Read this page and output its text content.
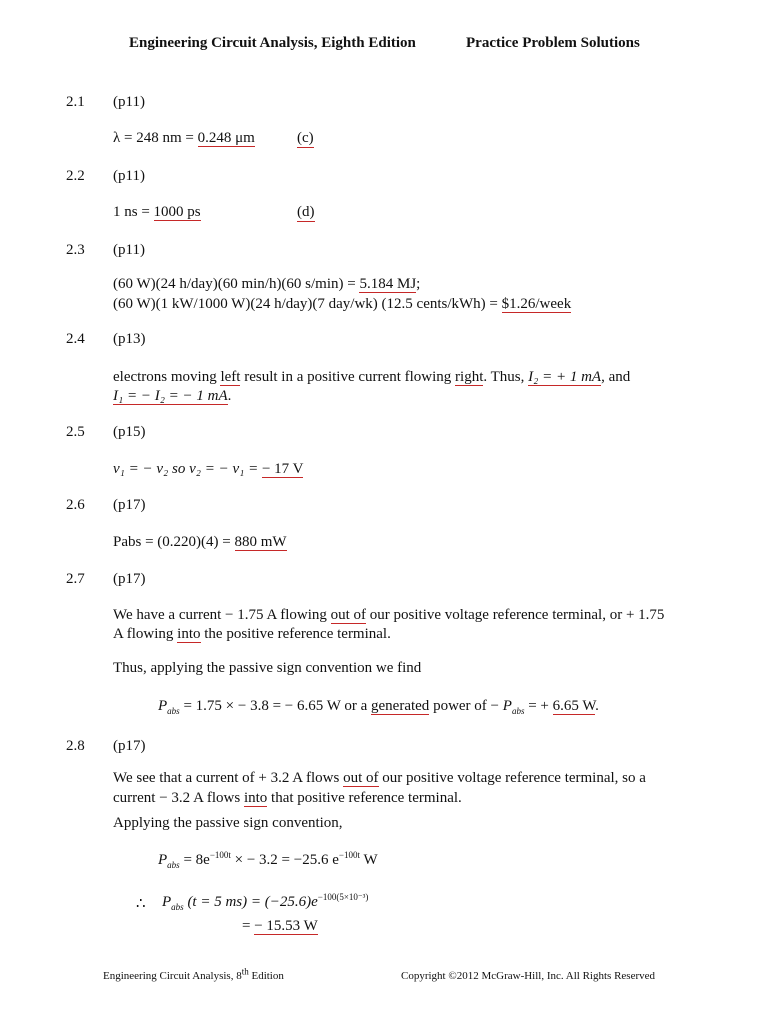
Engineering Circuit Analysis, Eighth Edition	Practice Problem Solutions
2.1 (p11)
2.2 (p11)
2.3 (p11)
2.4 (p13)
2.5 (p15)
2.6 (p17)
2.7 (p17)
2.8 (p17)
λ = 248 nm = 0.248 μm	(c)
1 ns = 1000 ps	(d)
(60 W)(24 h/day)(60 min/h)(60 s/min) = 5.184 MJ;
(60 W)(1 kW/1000 W)(24 h/day)(7 day/wk) (12.5 cents/kWh) = $1.26/week
electrons moving left result in a positive current flowing right. Thus, I₂ = + 1 mA, and
I₁ = − I₂ = − 1 mA.
v₁ = − v₂ so v₂ = − v₁ = − 17 V
Pabs = (0.220)(4) = 880 mW
We have a current − 1.75 A flowing out of our positive voltage reference terminal, or + 1.75
A flowing into the positive reference terminal.
Thus, applying the passive sign convention we find
$P_{abs} = 1.75$ × − 3.8 = − 6.65 W or a generated power of − $P_{abs}$ = + 6.65 W.
We see that a current of + 3.2 A flows out of our positive voltage reference terminal, so a
current − 3.2 A flows into that positive reference terminal.
Applying the passive sign convention,
$P_{abs} = 8e^{-100t}$ × − 3.2 = −25.6 $e^{-100t}$ W
∴ $P_{abs}$ (t = 5 $ms) = (-25.6)e^{-100(5\times 10^{-3})}$
= − 15.53 W
Engineering Circuit Analysis, 8th Edition	Copyright ©2012 McGraw-Hill, Inc. All Rights Reserved
